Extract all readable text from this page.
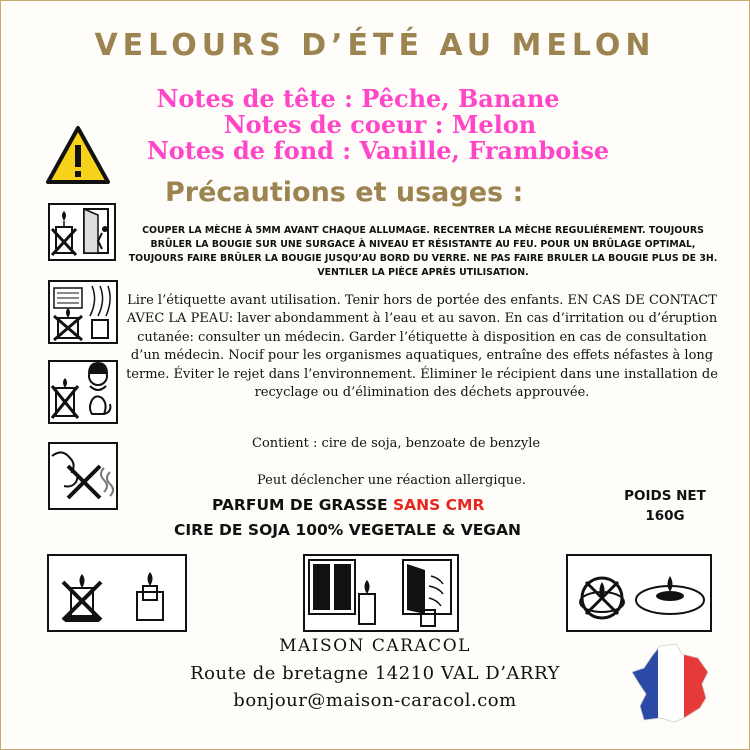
VELOURS D’ÉTÉ AU MELON
Notes de tête : Pêche, Banane
Notes de coeur : Melon
Notes de fond : Vanille, Framboise
Précautions et usages :
COUPER LA MÈCHE À 5MM AVANT CHAQUE ALLUMAGE. RECENTRER LA MÈCHE REGULIÉREMENT. TOUJOURS BRÛLER LA BOUGIE SUR UNE SURGACE À NIVEAU ET RÉSISTANTE AU FEU. POUR UN BRÛLAGE OPTIMAL, TOUJOURS FAIRE BRÛLER LA BOUGIE JUSQU’AU BORD DU VERRE. NE PAS FAIRE BRULER LA BOUGIE PLUS DE 3H. VENTILER LA PIÈCE APRÈS UTILISATION.
Lire l’étiquette avant utilisation. Tenir hors de portée des enfants. EN CAS DE CONTACT AVEC LA PEAU: laver abondamment à l’eau et au savon. En cas d’irritation ou d’éruption cutanée: consulter un médecin. Garder l’étiquette à disposition en cas de consultation d’un médecin. Nocif pour les organismes aquatiques, entraîne des effets néfastes à long terme. Éviter le rejet dans l’environnement. Éliminer le récipient dans une installation de recyclage ou d’élimination des déchets approuvée.
Contient : cire de soja, benzoate de benzyle
Peut déclencher une réaction allergique.
PARFUM DE GRASSE SANS CMR
CIRE DE SOJA 100% VEGETALE & VEGAN
POIDS NET
160G
MAISON CARACOL
Route de bretagne 14210 VAL D’ARRY
bonjour@maison-caracol.com
